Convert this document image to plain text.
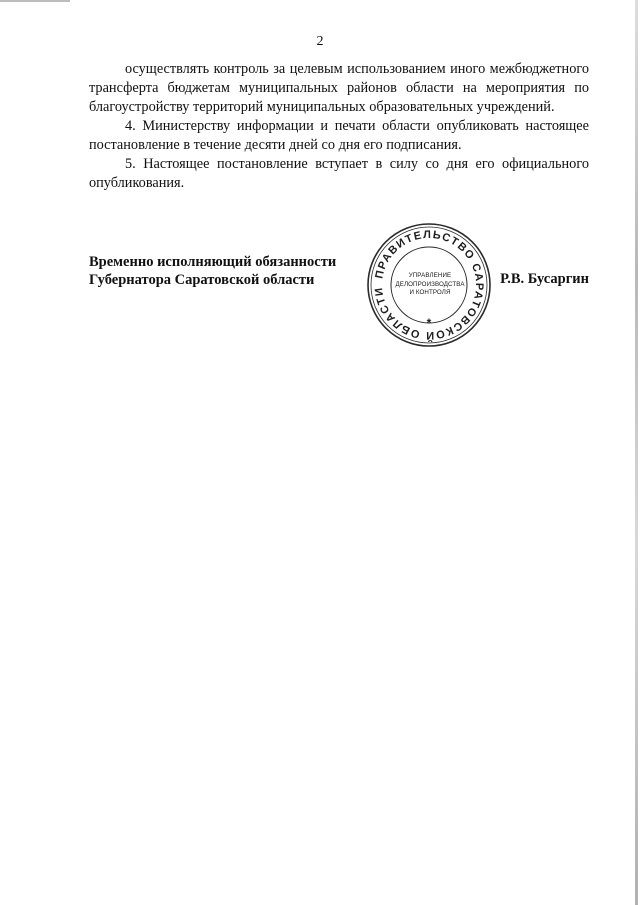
2

осуществлять контроль за целевым использованием иного межбюджетного трансферта бюджетам муниципальных районов области на мероприятия по благоустройству территорий муниципальных образовательных учреждений.

4. Министерству информации и печати области опубликовать настоящее постановление в течение десяти дней со дня его подписания.

5. Настоящее постановление вступает в силу со дня его официального опубликования.

Временно исполняющий обязанности
Губернатора Саратовской области	ПРАВИТЕЛЬСТВО САРАТОВСКОЙ ОБЛАСТИ
*
УПРАВЛЕНИЕ
ДЕЛОПРОИЗВОДСТВА
И КОНТРОЛЯ
Р.В. Бусаргин
